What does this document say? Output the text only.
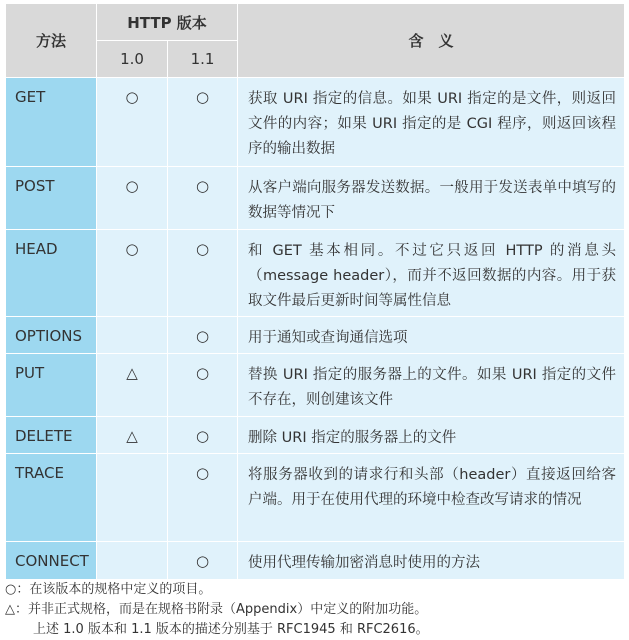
方法	HTTP 版本		含　义
	1.0	1.1	
GET	○	○	获取 URI 指定的信息。如果 URI 指定的是文件，则返回文件的内容；如果 URI 指定的是 CGI 程序，则返回该程序的输出数据
POST	○	○	从客户端向服务器发送数据。一般用于发送表单中填写的数据等情况下
HEAD	○	○	和 GET 基本相同。不过它只返回 HTTP 的消息头（message header），而并不返回数据的内容。用于获取文件最后更新时间等属性信息
OPTIONS		○	用于通知或查询通信选项
PUT	△	○	替换 URI 指定的服务器上的文件。如果 URI 指定的文件不存在，则创建该文件
DELETE	△	○	删除 URI 指定的服务器上的文件
TRACE		○	将服务器收到的请求行和头部（header）直接返回给客户端。用于在使用代理的环境中检查改写请求的情况
CONNECT		○	使用代理传输加密消息时使用的方法
○：在该版本的规格中定义的项目。
△：并非正式规格，而是在规格书附录（Appendix）中定义的附加功能。
上述 1.0 版本和 1.1 版本的描述分别基于 RFC1945 和 RFC2616。
